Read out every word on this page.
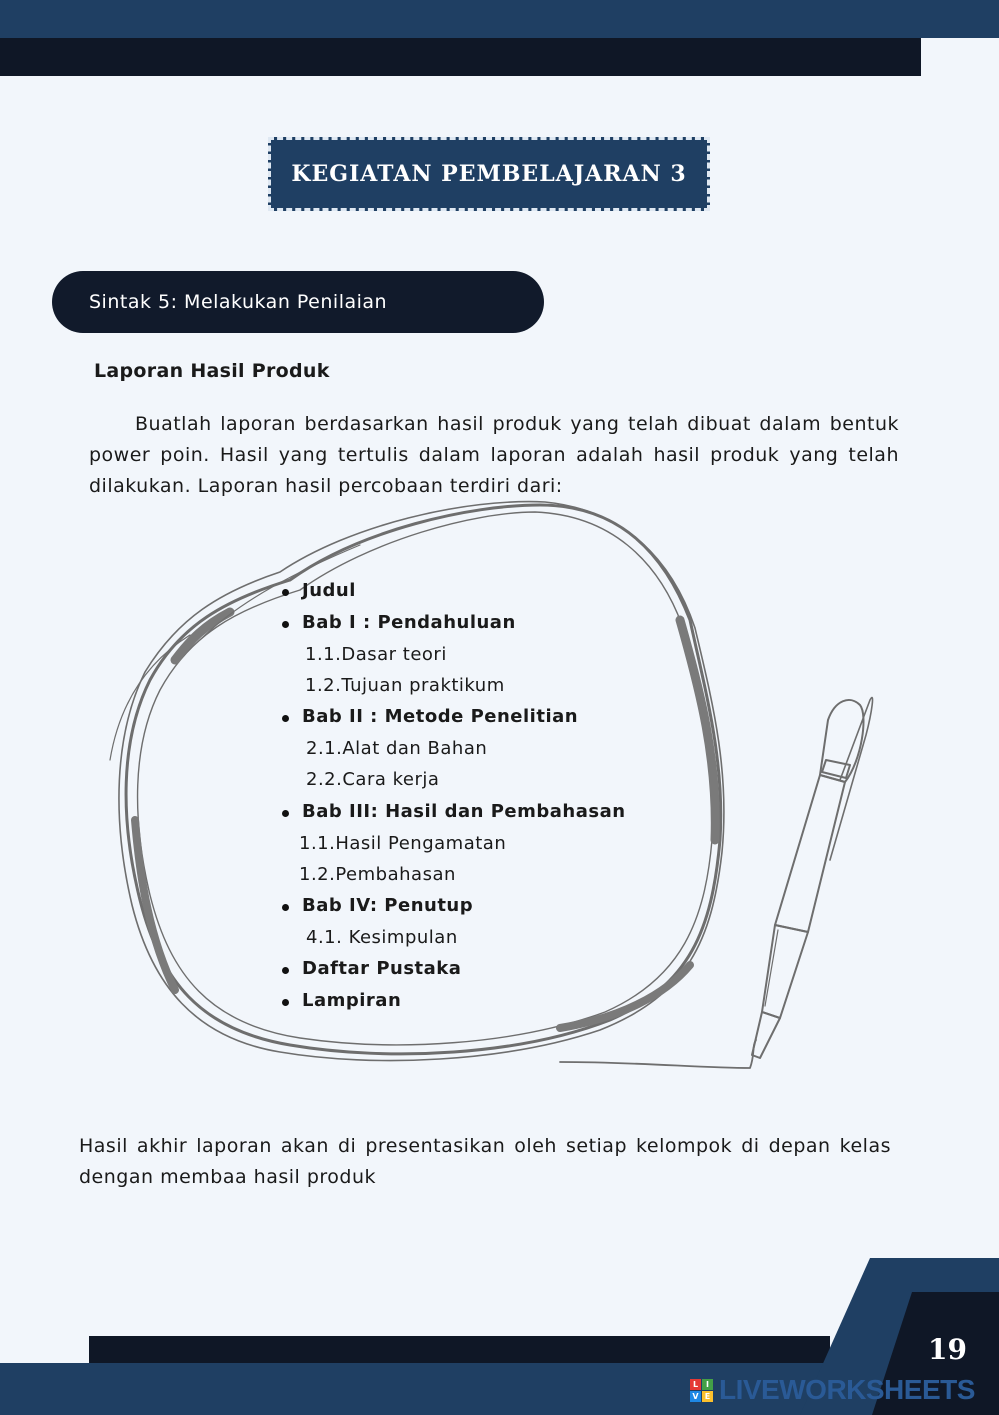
KEGIATAN PEMBELAJARAN 3
Sintak 5: Melakukan Penilaian
Laporan Hasil Produk

Buatlah laporan berdasarkan hasil produk yang telah dibuat dalam bentuk power poin. Hasil yang tertulis dalam laporan adalah hasil produk yang telah dilakukan. Laporan hasil percobaan terdiri dari:

Judul
Bab I : Pendahuluan
1.1.Dasar teori
1.2.Tujuan praktikum
Bab II : Metode Penelitian
2.1.Alat dan Bahan
2.2.Cara kerja
Bab III: Hasil dan Pembahasan
1.1.Hasil Pengamatan
1.2.Pembahasan
Bab IV: Penutup
4.1. Kesimpulan
Daftar Pustaka
Lampiran

Hasil akhir laporan akan di presentasikan oleh setiap kelompok di depan kelas dengan membaa hasil produk

19
L I
V E LIVEWORKSHEETS
